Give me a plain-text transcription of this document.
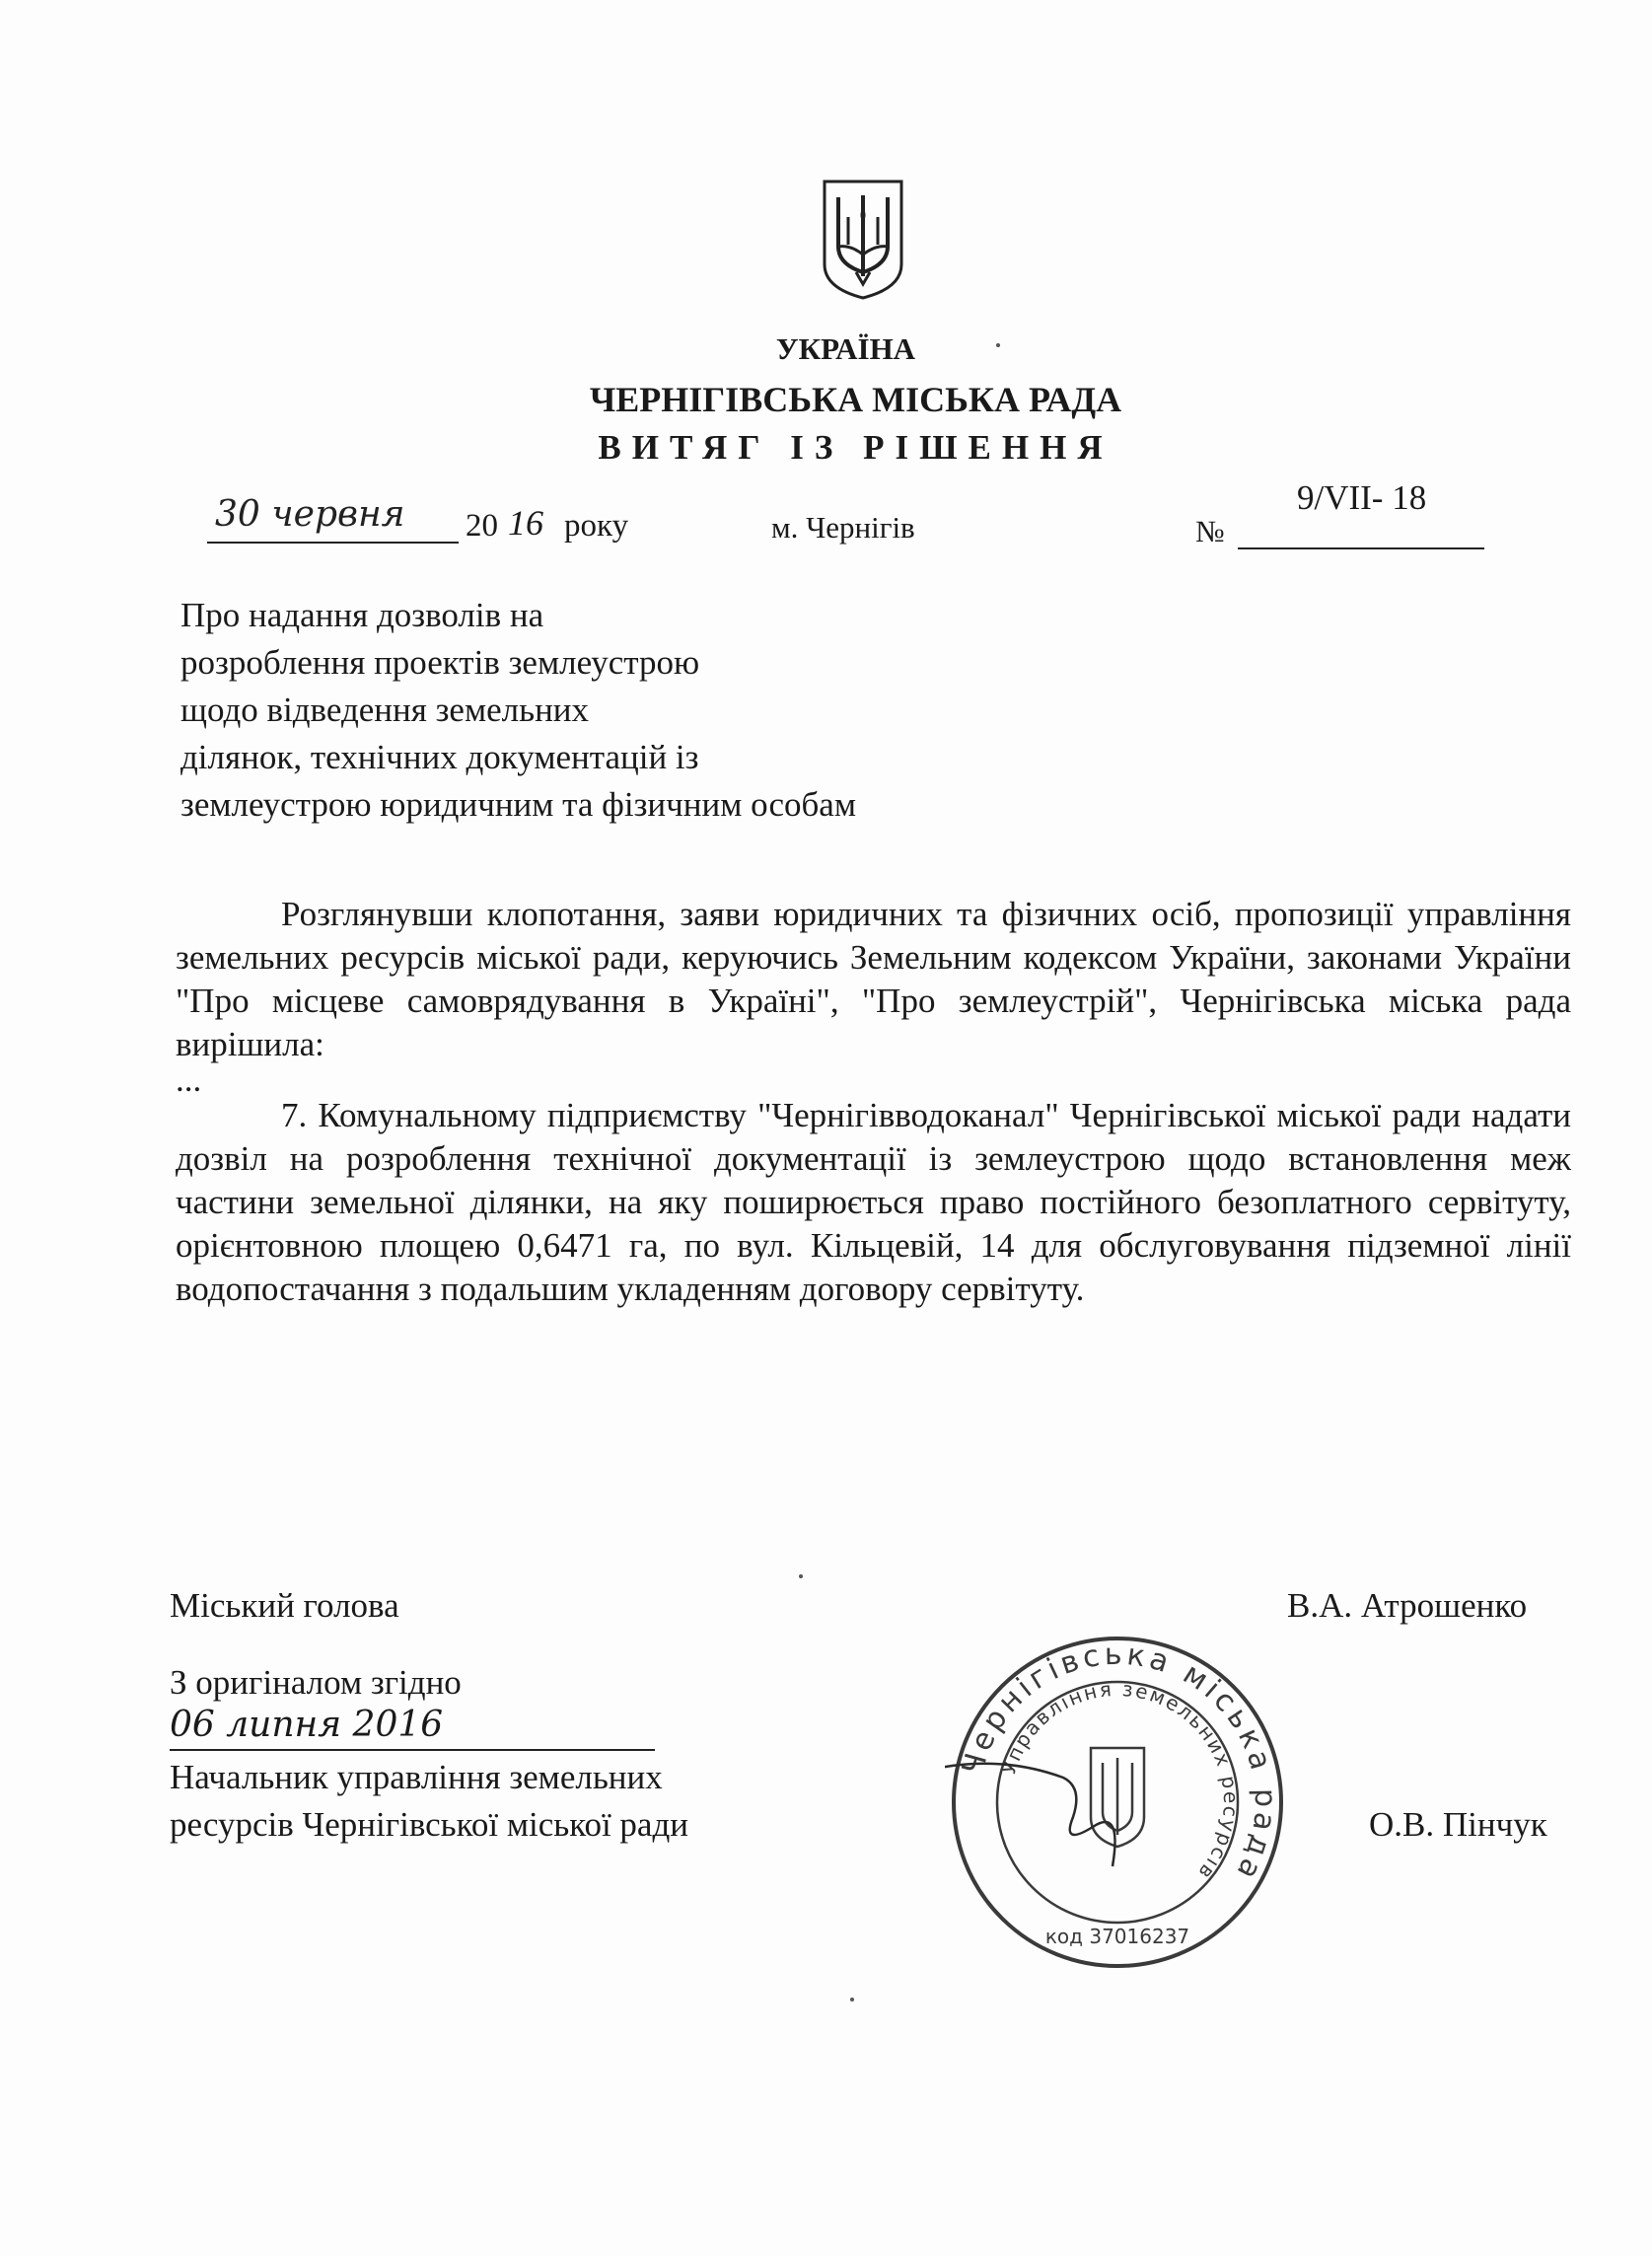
УКРАЇНА
ЧЕРНІГІВСЬКА МІСЬКА РАДА
ВИТЯГ ІЗ РІШЕННЯ
30 червня 20 16 року	м. Чернігів	№
9/VII- 18
Про надання дозволів на
розроблення проектів землеустрою
щодо відведення земельних
ділянок, технічних документацій із
землеустрою юридичним та фізичним особам

Розглянувши клопотання, заяви юридичних та фізичних осіб, пропозиції управління земельних ресурсів міської ради, керуючись Земельним кодексом України, законами України "Про місцеве самоврядування в Україні", "Про землеустрій", Чернігівська міська рада вирішила:

...

7. Комунальному підприємству "Чернігівводоканал" Чернігівської міської ради надати дозвіл на розроблення технічної документації із землеустрою щодо встановлення меж частини земельної ділянки, на яку поширюється право постійного безоплатного сервітуту, орієнтовною площею 0,6471 га, по вул. Кільцевій, 14 для обслуговування підземної лінії водопостачання з подальшим укладенням договору сервітуту.

Міський голова	В.А. Атрошенко
З оригіналом згідно
06 липня 2016
Начальник управління земельних
ресурсів Чернігівської міської ради	О.В. Пінчук
Чернігівська міська рада
Управління земельних ресурсів
код 37016237
